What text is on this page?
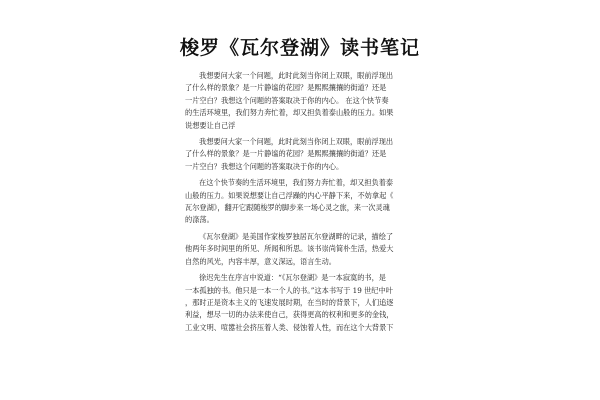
梭罗《瓦尔登湖》读书笔记

我想要问大家一个问题，此时此刻当你闭上双眼，眼前浮现出
了什么样的景象？是一片静谧的花园？是熙熙攘攘的街道？还是
一片空白？我想这个问题的答案取决于你的内心。 在这个快节奏
的生活环境里，我们努力奔忙着，却又担负着泰山般的压力。如果
说想要让自己浮

我想要问大家一个问题，此时此刻当你闭上双眼，眼前浮现出
了什么样的景象？是一片静谧的花园？是熙熙攘攘的街道？还是
一片空白？我想这个问题的答案取决于你的内心。

在这个快节奏的生活环境里，我们努力奔忙着，却又担负着泰
山般的压力。如果说想要让自己浮躁的内心平静下来，不妨拿起《
瓦尔登湖》，翻开它跟随梭罗的脚步来一场心灵之旅，来一次灵魂
的涤荡。

《瓦尔登湖》是美国作家梭罗独居瓦尔登湖畔的记录，描绘了
他两年多时间里的所见、所闻和所思。该书崇尚简朴生活，热爱大
自然的风光，内容丰厚，意义深远，语言生动。

徐迟先生在序言中说道：“《瓦尔登湖》是一本寂寞的书，是
一本孤独的书。他只是一本一个人的书。”这本书写于 19 世纪中叶
，那时正是资本主义的飞速发展时期，在当时的背景下，人们追逐
利益，想尽一切的办法来使自己，获得更高的权利和更多的金钱，
工业文明、喧嚣社会挤压着人类、侵蚀着人性，而在这个大背景下
